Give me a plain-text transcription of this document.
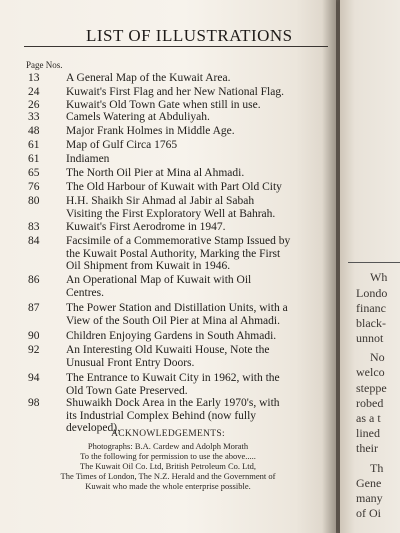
LIST OF ILLUSTRATIONS
Page Nos.
13	A General Map of the Kuwait Area.
24	Kuwait's First Flag and her New National Flag.
26	Kuwait's Old Town Gate when still in use.
33	Camels Watering at Abduliyah.
48	Major Frank Holmes in Middle Age.
61	Map of Gulf Circa 1765
61	Indiamen
65	The North Oil Pier at Mina al Ahmadi.
76	The Old Harbour of Kuwait with Part Old City
80	H.H. Shaikh Sir Ahmad al Jabir al Sabah
Visiting the First Exploratory Well at Bahrah.
83	Kuwait's First Aerodrome in 1947.
84	Facsimile of a Commemorative Stamp Issued by
the Kuwait Postal Authority, Marking the First
Oil Shipment from Kuwait in 1946.
86	An Operational Map of Kuwait with Oil
Centres.
87	The Power Station and Distillation Units, with a
View of the South Oil Pier at Mina al Ahmadi.
90	Children Enjoying Gardens in South Ahmadi.
92	An Interesting Old Kuwaiti House, Note the
Unusual Front Entry Doors.
94	The Entrance to Kuwait City in 1962, with the
Old Town Gate Preserved.
98	Shuwaikh Dock Area in the Early 1970's, with
its Industrial Complex Behind (now fully
developed).
ACKNOWLEDGEMENTS:
Photographs: B.A. Cardew and Adolph Morath
To the following for permission to use the above.....
The Kuwait Oil Co. Ltd, British Petroleum Co. Ltd,
The Times of London, The N.Z. Herald and the Government of
Kuwait who made the whole enterprise possible.
Wh
Londo
financ
black-
unnot
No
welco
steppe
robed
as a t
lined
their
Th
Gene
many
of Oi
